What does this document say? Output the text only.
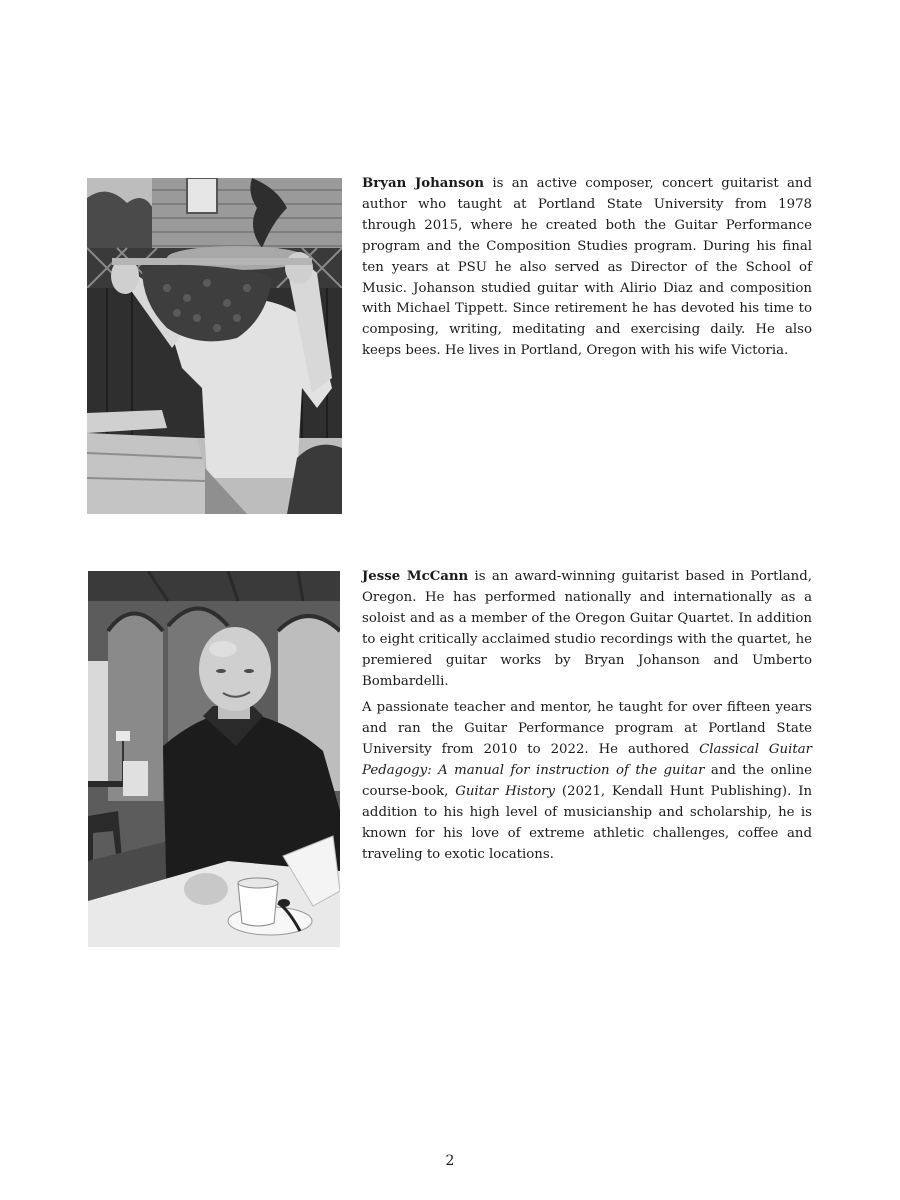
Bryan Johanson is an active composer, concert guitarist and author who taught at Portland State University from 1978 through 2015, where he created both the Guitar Performance program and the Composition Studies program. During his final ten years at PSU he also served as Director of the School of Music. Johanson studied guitar with Alirio Diaz and composition with Michael Tippett. Since retirement he has devoted his time to composing, writing, meditating and exercising daily. He also keeps bees. He lives in Portland, Oregon with his wife Victoria.

Jesse McCann is an award-winning guitarist based in Portland, Oregon. He has performed nationally and internationally as a soloist and as a member of the Oregon Guitar Quartet. In addition to eight critically acclaimed studio recordings with the quartet, he premiered guitar works by Bryan Johanson and Umberto Bombardelli.

A passionate teacher and mentor, he taught for over fifteen years and ran the Guitar Performance program at Portland State University from 2010 to 2022. He authored Classical Guitar Pedagogy: A manual for instruction of the guitar and the online course-book, Guitar History (2021, Kendall Hunt Publishing). In addition to his high level of musicianship and scholarship, he is known for his love of extreme athletic challenges, coffee and traveling to exotic locations.

2
